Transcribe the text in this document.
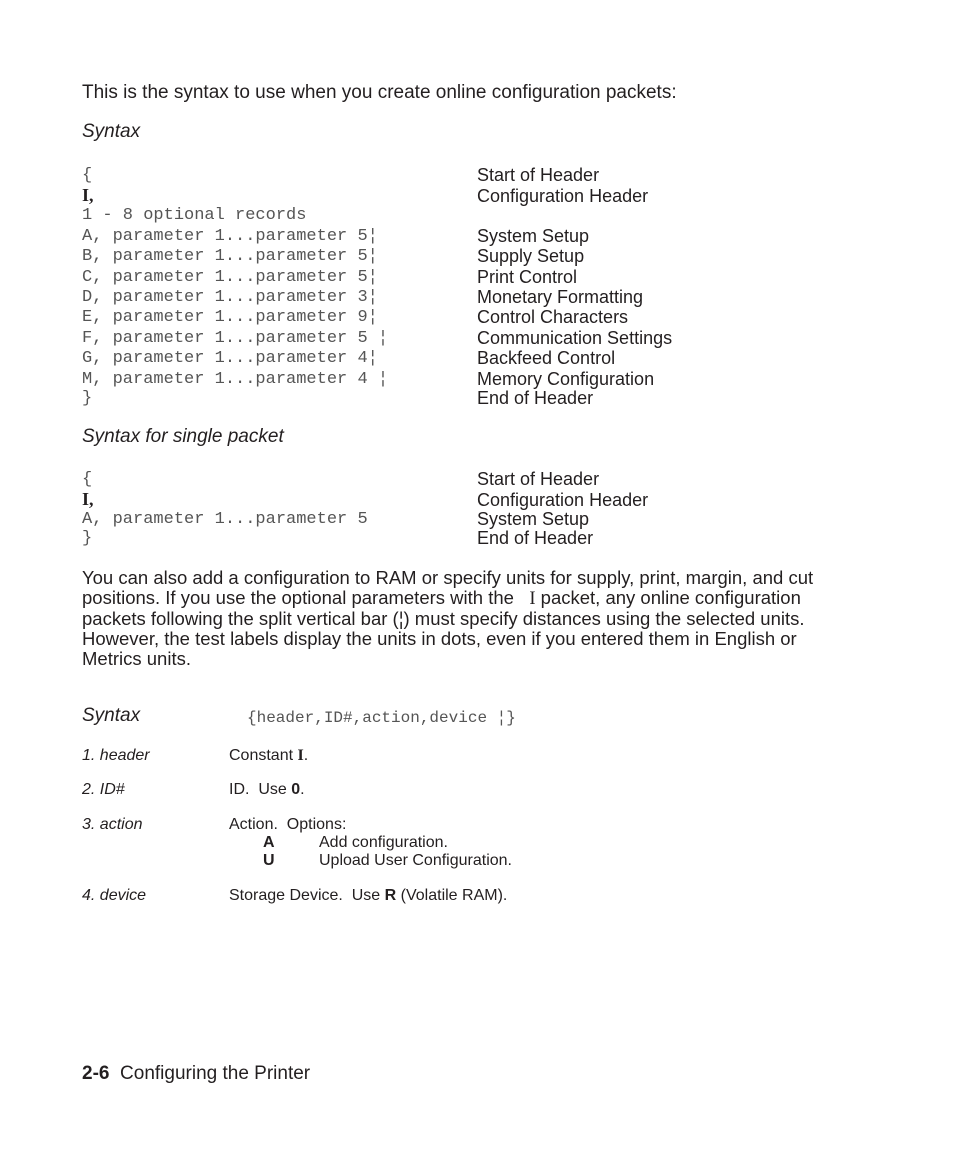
This is the syntax to use when you create online configuration packets:
Syntax
{	Start of Header
I,	Configuration Header
1 - 8 optional records
A, parameter 1...parameter 5¦	System Setup
B, parameter 1...parameter 5¦	Supply Setup
C, parameter 1...parameter 5¦	Print Control
D, parameter 1...parameter 3¦	Monetary Formatting
E, parameter 1...parameter 9¦	Control Characters
F, parameter 1...parameter 5 ¦	Communication Settings
G, parameter 1...parameter 4¦	Backfeed Control
M, parameter 1...parameter 4 ¦	Memory Configuration
}	End of Header
Syntax for single packet
{	Start of Header
I,	Configuration Header
A, parameter 1...parameter 5	System Setup
}	End of Header
You can also add a configuration to RAM or specify units for supply, print, margin, and cut positions. If you use the optional parameters with the I packet, any online configuration packets following the split vertical bar (¦) must specify distances using the selected units. However, the test labels display the units in dots, even if you entered them in English or Metrics units.
Syntax	{header,ID#,action,device ¦}
1. header	Constant I.
2. ID#	ID.  Use 0.
3. action	Action.  Options:
A	Add configuration.
U	Upload User Configuration.
4. device	Storage Device.  Use R (Volatile RAM).
2-6 Configuring the Printer
